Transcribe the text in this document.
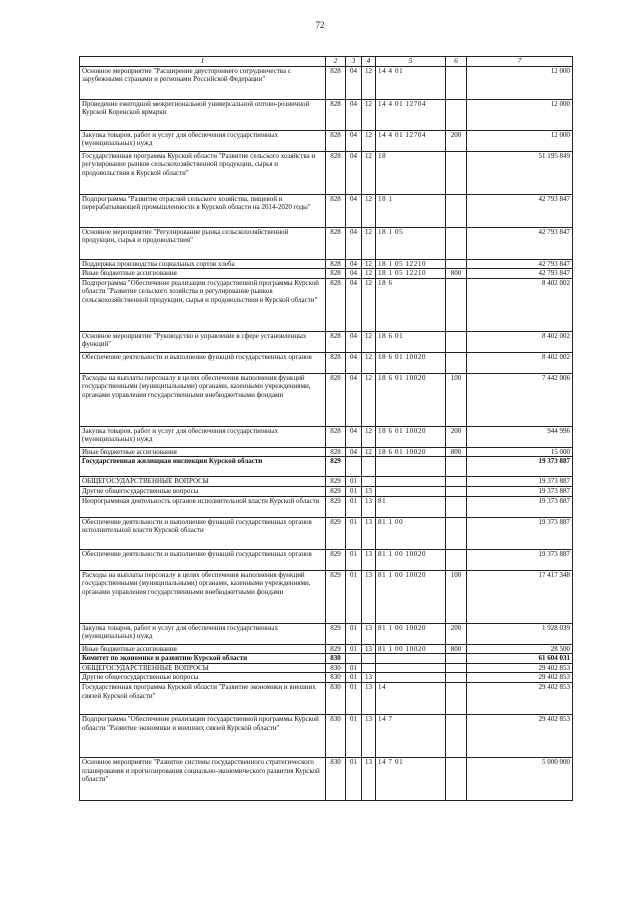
72
1	2	3	4	5	6	7
Основное мероприятие "Расширение двустороннего сотрудничества с зарубежными странами и регионами Российской Федерации"	828	04	12	14 4 01		12 000
Проведение ежегодной межрегиональной универсальной оптово-розничной Курской Коренской ярмарки	828	04	12	14 4 01 12704		12 000
Закупка товаров, работ и услуг для обеспечения государственных (муниципальных) нужд	828	04	12	14 4 01 12704	200	12 000
Государственная программа Курской области "Развитие сельского хозяйства и регулирование рынков сельскохозяйственной продукции, сырья и продовольствия в Курской области"	828	04	12	18		51 195 849
Подпрограмма "Развитие отраслей сельского хозяйства, пищевой и перерабатывающей промышленности в Курской области на 2014-2020 годы"	828	04	12	18 1		42 793 847
Основное мероприятие "Регулирование рынка сельскохозяйственной продукции, сырья и продовольствия"	828	04	12	18 1 05		42 793 847
Поддержка производства социальных сортов хлеба	828	04	12	18 1 05 12210		42 793 847
Иные бюджетные ассигнования	828	04	12	18 1 05 12210	800	42 793 847
Подпрограмма "Обеспечение реализации государственной программы Курской области "Развитие сельского хозяйства и регулирование рынков сельскохозяйственной продукции, сырья и продовольствия в Курской области"	828	04	12	18 6		8 402 002
Основное мероприятие "Руководство и управление в сфере установленных функций"	828	04	12	18 6 01		8 402 002
Обеспечение деятельности и выполнение функций государственных органов	828	04	12	18 6 01 10020		8 402 002
Расходы на выплаты персоналу в целях обеспечения выполнения функций государственными (муниципальными) органами, казенными учреждениями, органами управления государственными внебюджетными фондами	828	04	12	18 6 01 10020	100	7 442 006
Закупка товаров, работ и услуг для обеспечения государственных (муниципальных) нужд	828	04	12	18 6 01 10020	200	944 996
Иные бюджетные ассигнования	828	04	12	18 6 01 10020	800	15 000
Государственная жилищная инспекция Курской области	829					19 373 887
ОБЩЕГОСУДАРСТВЕННЫЕ ВОПРОСЫ	829	01				19 373 887
Другие общегосударственные вопросы	829	01	13			19 373 887
Непрограммная деятельность органов исполнительной власти Курской области	829	01	13	81		19 373 887
Обеспечение деятельности и выполнение функций государственных органов исполнительной власти Курской области	829	01	13	81 1 00		19 373 887
Обеспечение деятельности и выполнение функций государственных органов	829	01	13	81 1 00 10020		19 373 887
Расходы на выплаты персоналу в целях обеспечения выполнения функций государственными (муниципальными) органами, казенными учреждениями, органами управления государственными внебюджетными фондами	829	01	13	81 1 00 10020	100	17 417 348
Закупка товаров, работ и услуг для обеспечения государственных (муниципальных) нужд	829	01	13	81 1 00 10020	200	1 928 039
Иные бюджетные ассигнования	829	01	13	81 1 00 10020	800	28 500
Комитет по экономике и развитию Курской области	830					61 604 031
ОБЩЕГОСУДАРСТВЕННЫЕ ВОПРОСЫ	830	01				29 402 853
Другие общегосударственные вопросы	830	01	13			29 402 853
Государственная программа Курской области "Развитие экономики и внешних связей Курской области"	830	01	13	14		29 402 853
Подпрограмма "Обеспечение реализации государственной программы Курской области "Развитие экономики и внешних связей Курской области"	830	01	13	14 7		29 402 853
Основное мероприятие "Развитие системы государственного стратегического планирования и прогнозирования социально-экономического развития Курской области"	830	01	13	14 7 01		5 000 000
